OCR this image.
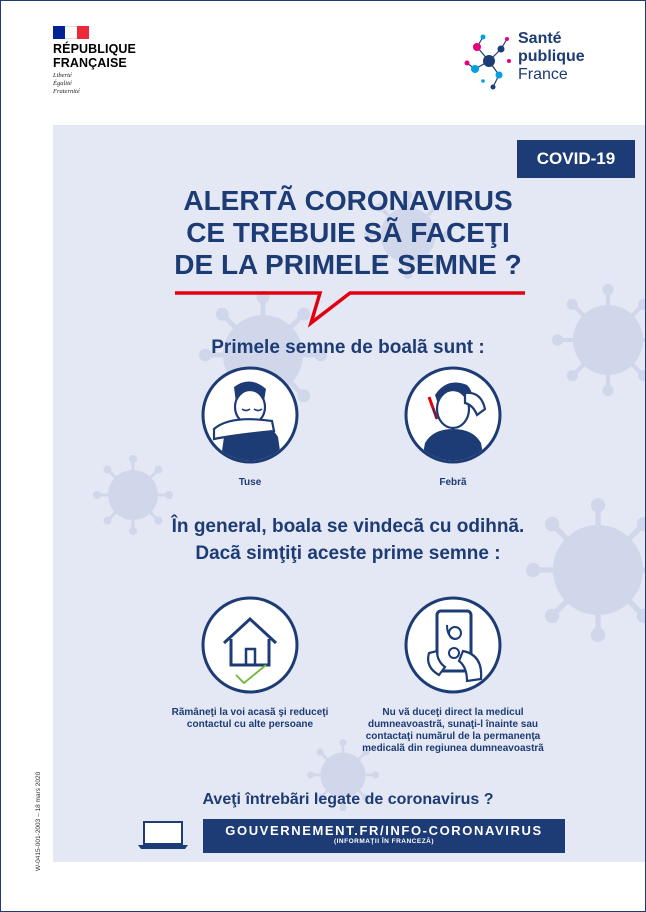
RÉPUBLIQUE
FRANÇAISE
Liberté
Égalité
Fraternité
Santé
publique
France
COVID-19
ALERTÃ CORONAVIRUS
CE TREBUIE SÃ FACEŢI
DE LA PRIMELE SEMNE ?
Primele semne de boalã sunt :
Tuse	Febrã
În general, boala se vindecã cu odihnã.
Dacã simţiţi aceste prime semne :
Rãmâneţi la voi acasã şi reduceţi contactul cu alte persoane
Nu vã duceţi direct la medicul dumneavoastrã, sunaţi-l înainte sau contactaţi numãrul de la permanenţa medicalã din regiunea dumneavoastrã
Aveţi întrebãri legate de coronavirus ?
GOUVERNEMENT.FR/INFO-CORONAVIRUS
(INFORMAŢII ÎN FRANCEZĂ)
W-0415-001-2003 – 18 mars 2020
